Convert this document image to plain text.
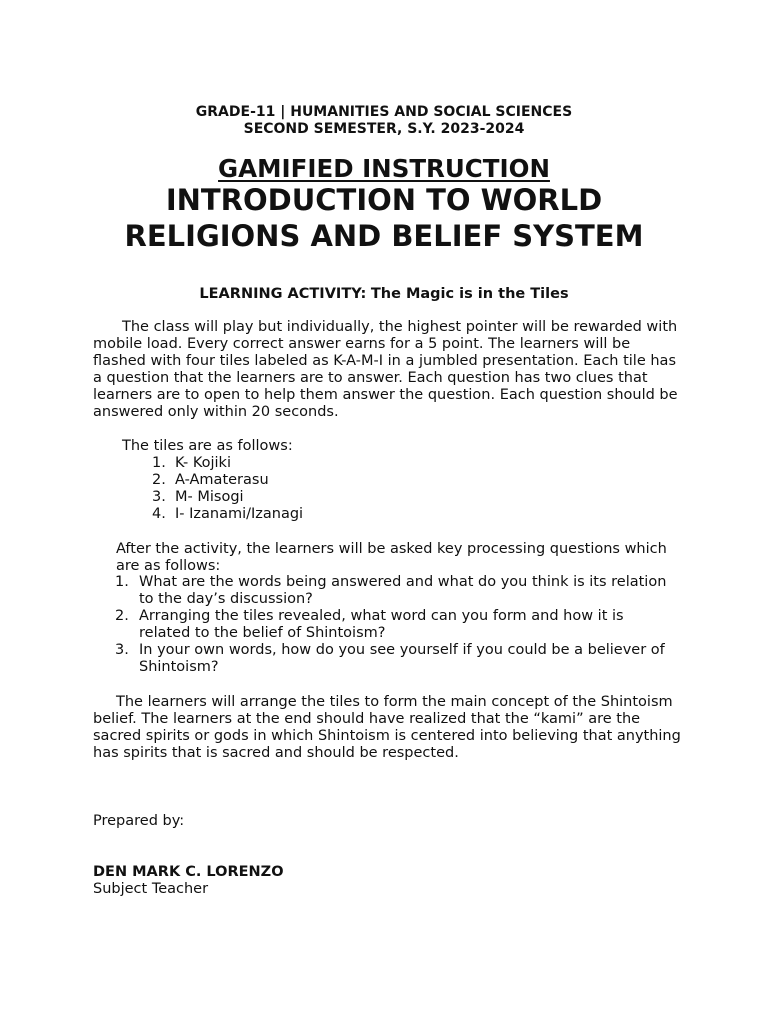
GRADE-11 | HUMANITIES AND SOCIAL SCIENCES
SECOND SEMESTER, S.Y. 2023-2024
GAMIFIED INSTRUCTION
INTRODUCTION TO WORLD
RELIGIONS AND BELIEF SYSTEM
LEARNING ACTIVITY: The Magic is in the Tiles
The class will play but individually, the highest pointer will be rewarded with mobile load. Every correct answer earns for a 5 point. The learners will be flashed with four tiles labeled as K-A-M-I in a jumbled presentation. Each tile has a question that the learners are to answer. Each question has two clues that learners are to open to help them answer the question. Each question should be answered only within 20 seconds.
The tiles are as follows:
1. K- Kojiki
2. A-Amaterasu
3. M- Misogi
4. I- Izanami/Izanagi
After the activity, the learners will be asked key processing questions which are as follows:
1. What are the words being answered and what do you think is its relation to the day’s discussion?
2. Arranging the tiles revealed, what word can you form and how it is related to the belief of Shintoism?
3. In your own words, how do you see yourself if you could be a believer of Shintoism?
The learners will arrange the tiles to form the main concept of the Shintoism belief. The learners at the end should have realized that the “kami” are the sacred spirits or gods in which Shintoism is centered into believing that anything has spirits that is sacred and should be respected.
Prepared by:
DEN MARK C. LORENZO
Subject Teacher
